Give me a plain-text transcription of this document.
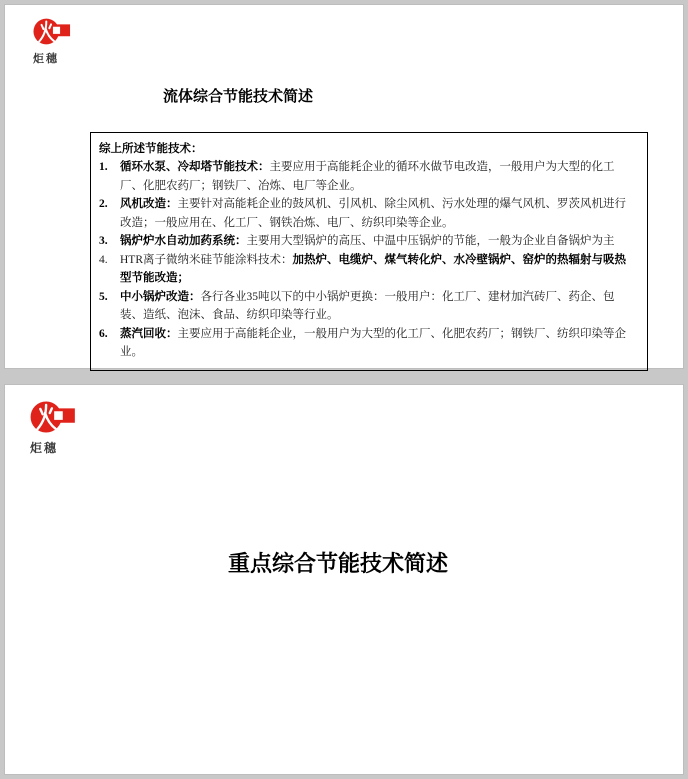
炬穗
流体综合节能技术简述
综上所述节能技术：
1.	循环水泵、冷却塔节能技术：主要应用于高能耗企业的循环水做节电改造，一般用户为大型的化工厂、化肥农药厂；钢铁厂、冶炼、电厂等企业。
2.	风机改造：主要针对高能耗企业的鼓风机、引风机、除尘风机、污水处理的爆气风机、罗茨风机进行改造；一般应用在、化工厂、钢铁冶炼、电厂、纺织印染等企业。
3.	锅炉炉水自动加药系统：主要用大型锅炉的高压、中温中压锅炉的节能，一般为企业自备锅炉为主
4.	HTR离子微纳米硅节能涂料技术：加热炉、电缆炉、煤气转化炉、水冷壁锅炉、窑炉的热辐射与吸热型节能改造；
5.	中小锅炉改造：各行各业35吨以下的中小锅炉更换：一般用户：化工厂、建材加汽砖厂、药企、包装、造纸、泡沫、食品、纺织印染等行业。
6.	蒸汽回收：主要应用于高能耗企业，一般用户为大型的化工厂、化肥农药厂；钢铁厂、纺织印染等企业。
炬穗
重点综合节能技术简述
